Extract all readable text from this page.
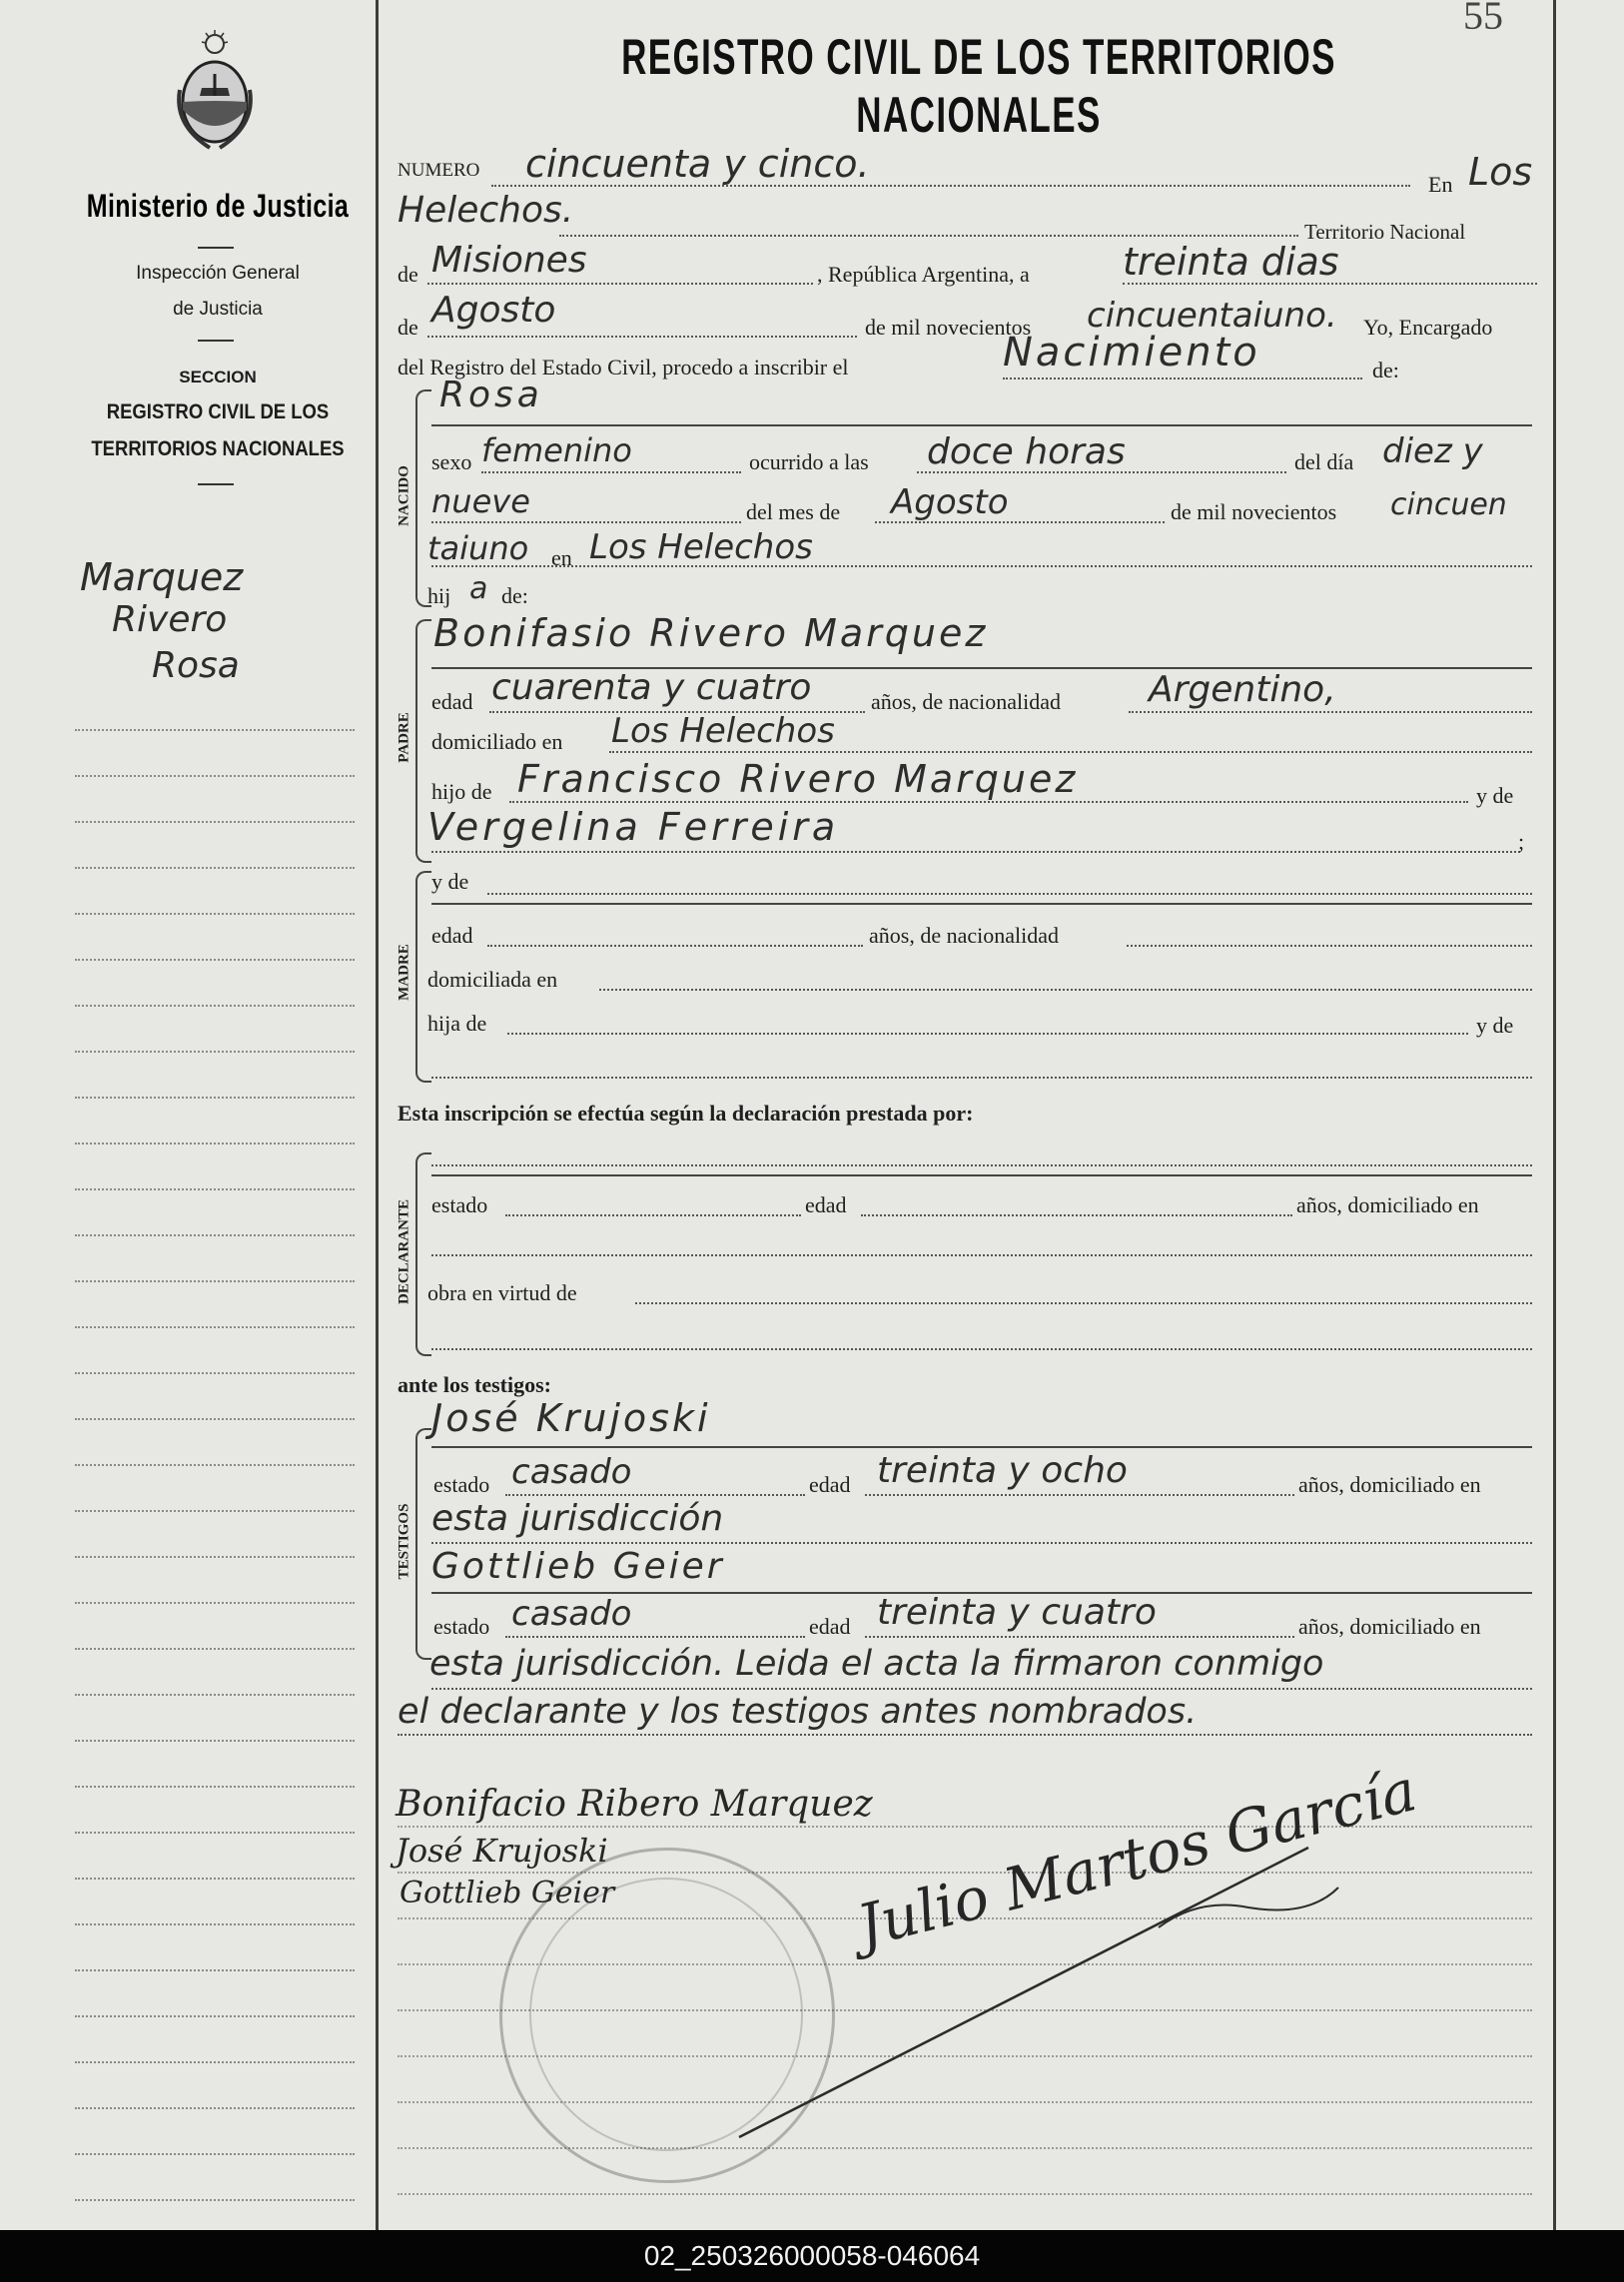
55
REGISTRO CIVIL DE LOS TERRITORIOS NACIONALES
Ministerio de Justicia
Inspección General
de Justicia
SECCION
REGISTRO CIVIL DE LOS
TERRITORIOS NACIONALES
Marquez
Rivero
Rosa
NUMERO cincuenta y cinco.	En Los
Helechos.
Territorio Nacional
de Misiones	, República Argentina, a treinta dias
de Agosto	de mil novecientos cincuentaiuno. Yo, Encargado
del Registro del Estado Civil, procedo a inscribir el	Nacimiento	de:
NACIDO
Rosa
sexo femenino	ocurrido a las doce horas	del día diez y
nueve	del mes de Agosto	de mil novecientos cincuen
taiuno en Los Helechos
hij a de:
PADRE
Bonifasio Rivero Marquez
edad cuarenta y cuatro	años, de nacionalidad Argentino,
domiciliado en Los Helechos
hijo de Francisco Rivero Marquez	y de
Vergelina Ferreira	;
MADRE
y de
edad	años, de nacionalidad
domiciliada en
hija de	y de
Esta inscripción se efectúa según la declaración prestada por:
DECLARANTE estado	edad	años, domiciliado en
obra en virtud de
ante los testigos:
TESTIGOS
José Krujoski
estado casado	edad treinta y ocho	años, domiciliado en
esta jurisdicción
Gottlieb Geier
estado casado	edad treinta y cuatro	años, domiciliado en
esta jurisdicción. Leida el acta la firmaron conmigo
el declarante y los testigos antes nombrados.
Bonifacio Ribero Marquez
José Krujoski
Gottlieb Geier	Julio Martos García
02_250326000058-046064
